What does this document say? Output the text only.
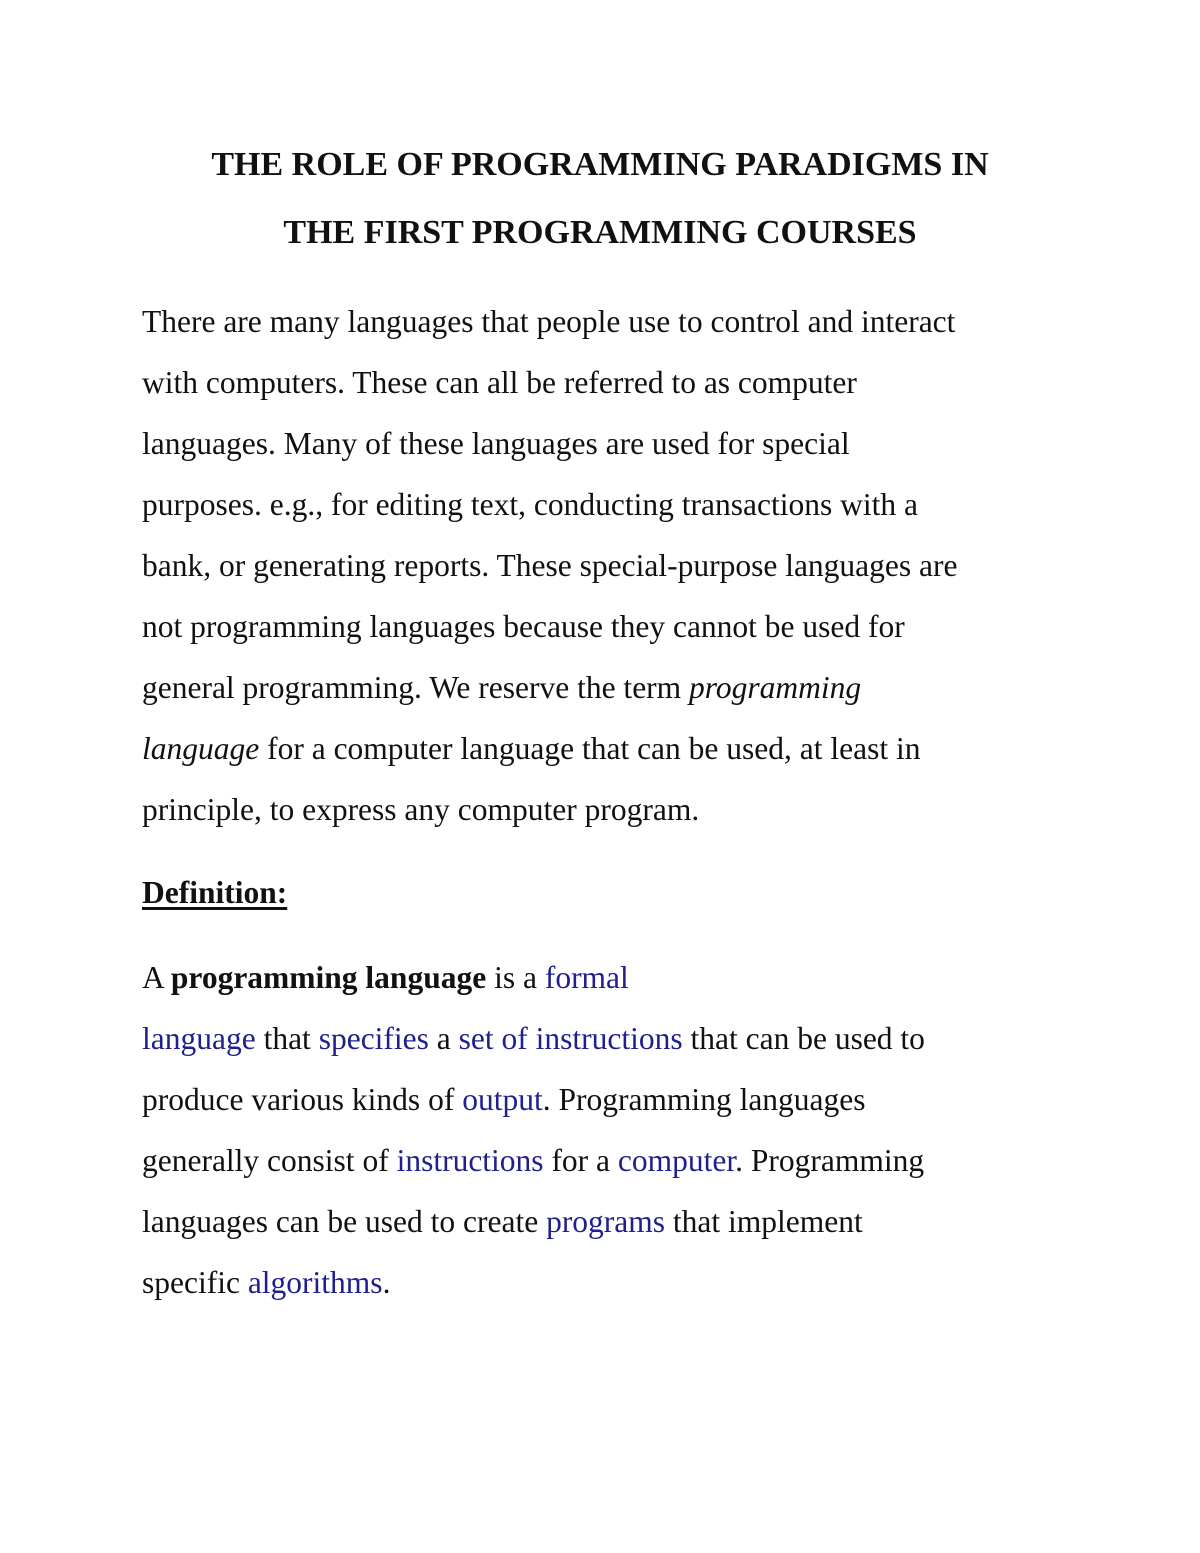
THE ROLE OF PROGRAMMING PARADIGMS IN
THE FIRST PROGRAMMING COURSES

There are many languages that people use to control and interact

with computers. These can all be referred to as computer

languages. Many of these languages are used for special

purposes. e.g., for editing text, conducting transactions with a

bank, or generating reports. These special-purpose languages are

not programming languages because they cannot be used for

general programming. We reserve the term programming

language for a computer language that can be used, at least in

principle, to express any computer program.

Definition:

A programming language is a formal

language that specifies a set of instructions that can be used to

produce various kinds of output. Programming languages

generally consist of instructions for a computer. Programming

languages can be used to create programs that implement

specific algorithms.
